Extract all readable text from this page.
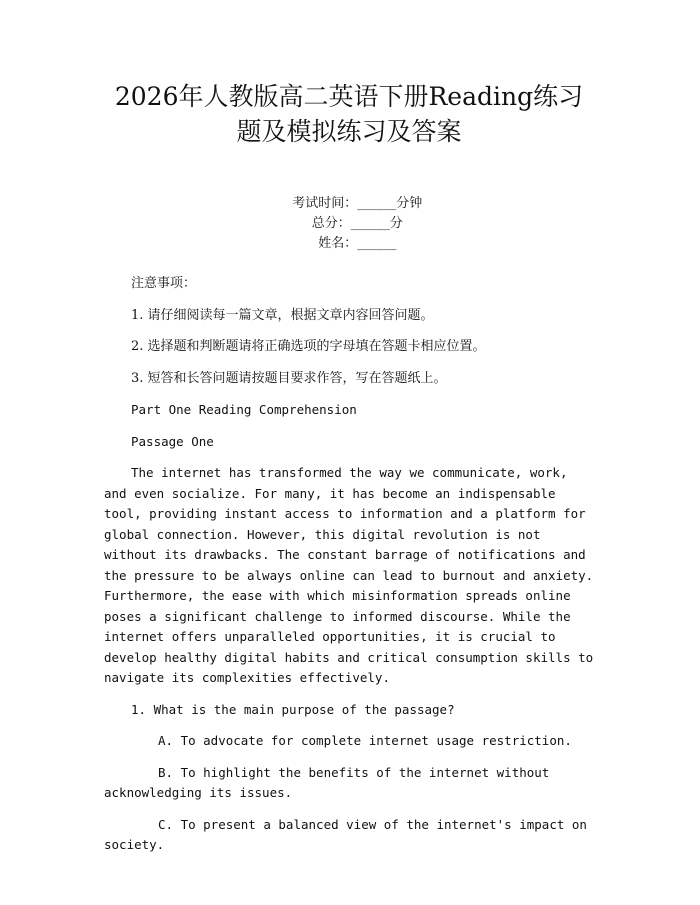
2026年人教版高二英语下册Reading练习题及模拟练习及答案

考试时间：______分钟
总分：______分
姓名：______

注意事项：

1. 请仔细阅读每一篇文章，根据文章内容回答问题。

2. 选择题和判断题请将正确选项的字母填在答题卡相应位置。

3. 短答和长答问题请按题目要求作答，写在答题纸上。

Part One Reading Comprehension

Passage One

The internet has transformed the way we communicate, work, and even socialize. For many, it has become an indispensable tool, providing instant access to information and a platform for global connection. However, this digital revolution is not without its drawbacks. The constant barrage of notifications and the pressure to be always online can lead to burnout and anxiety. Furthermore, the ease with which misinformation spreads online poses a significant challenge to informed discourse. While the internet offers unparalleled opportunities, it is crucial to develop healthy digital habits and critical consumption skills to navigate its complexities effectively.

1. What is the main purpose of the passage?

A. To advocate for complete internet usage restriction.

B. To highlight the benefits of the internet without acknowledging its issues.

C. To present a balanced view of the internet's impact on society.
